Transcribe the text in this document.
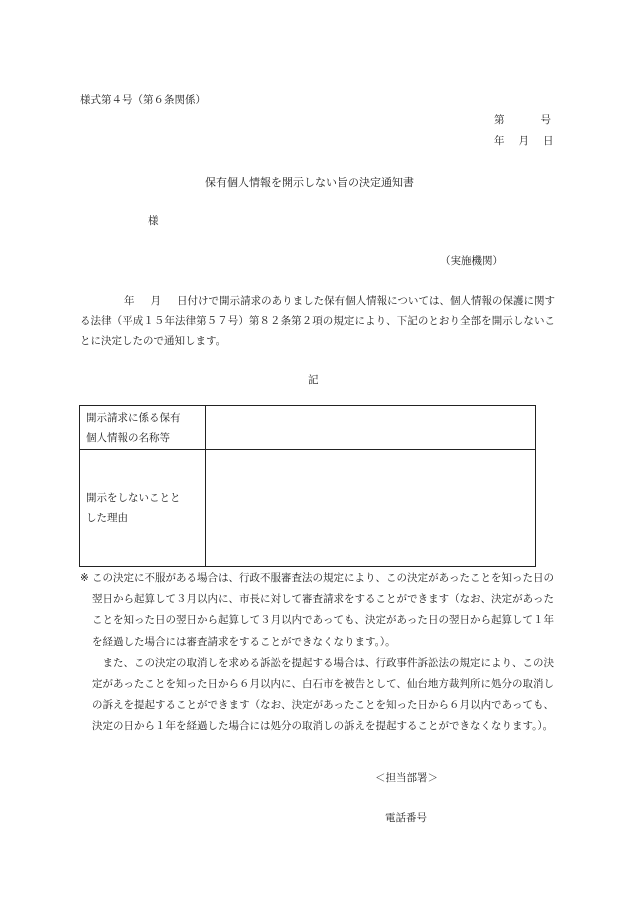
様式第４号（第６条関係）
第	号
年 月 日
保有個人情報を開示しない旨の決定通知書
様
（実施機関）
年 月 日付けで開示請求のありました保有個人情報については、個人情報の保護に関する法律（平成１５年法律第５７号）第８２条第２項の規定により、下記のとおり全部を開示しないことに決定したので通知します。
記
開示請求に係る保有
個人情報の名称等	

開示をしないことと
した理由	

※ この決定に不服がある場合は、行政不服審査法の規定により、この決定があったことを知った日の翌日から起算して３月以内に、市長に対して審査請求をすることができます（なお、決定があったことを知った日の翌日から起算して３月以内であっても、決定があった日の翌日から起算して１年を経過した場合には審査請求をすることができなくなります。）。

また、この決定の取消しを求める訴訟を提起する場合は、行政事件訴訟法の規定により、この決定があったことを知った日から６月以内に、白石市を被告として、仙台地方裁判所に処分の取消しの訴えを提起することができます（なお、決定があったことを知った日から６月以内であっても、決定の日から１年を経過した場合には処分の取消しの訴えを提起することができなくなります。）。

＜担当部署＞
電話番号
